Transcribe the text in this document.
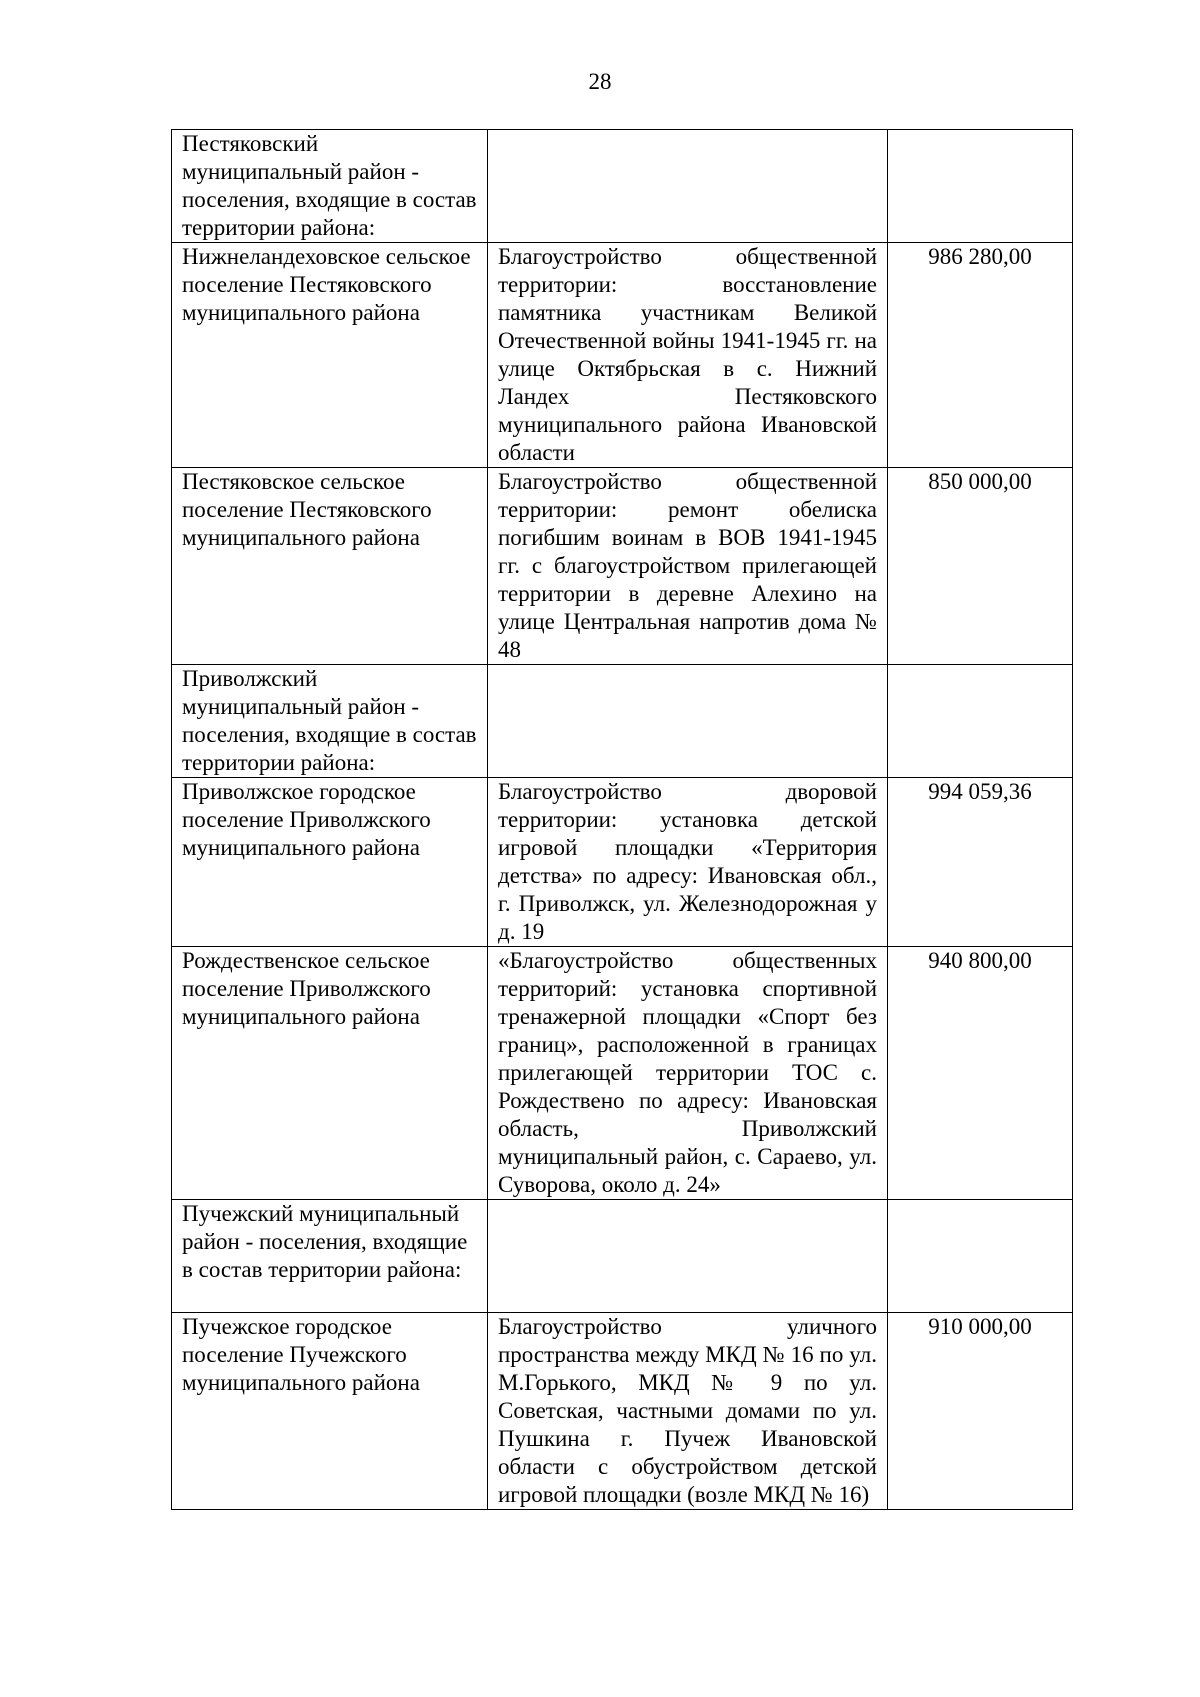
28
Пестяковский муниципальный район - поселения, входящие в состав территории района:		
Нижнеландеховское сельское поселение Пестяковского муниципального района	Благоустройство общественной территории: восстановление памятника участникам Великой Отечественной войны 1941-1945 гг. на улице Октябрьская в с. Нижний Ландех Пестяковского муниципального района Ивановской области	986 280,00
Пестяковское сельское поселение Пестяковского муниципального района	Благоустройство общественной территории: ремонт обелиска погибшим воинам в ВОВ 1941-1945 гг. с благоустройством прилегающей территории в деревне Алехино на улице Центральная напротив дома № 48	850 000,00
Приволжский муниципальный район - поселения, входящие в состав территории района:		
Приволжское городское поселение Приволжского муниципального района	Благоустройство дворовой территории: установка детской игровой площадки «Территория детства» по адресу: Ивановская обл., г. Приволжск, ул. Железнодорожная у д. 19	994 059,36
Рождественское сельское поселение Приволжского муниципального района	«Благоустройство общественных территорий: установка спортивной тренажерной площадки «Спорт без границ», расположенной в границах прилегающей территории ТОС с. Рождествено по адресу: Ивановская область, Приволжский муниципальный район, с. Сараево, ул. Суворова, около д. 24»	940 800,00
Пучежский муниципальный район - поселения, входящие в состав территории района:		
Пучежское городское поселение Пучежского муниципального района	Благоустройство уличного пространства между МКД № 16 по ул. М.Горького, МКД № 9 по ул. Советская, частными домами по ул. Пушкина г. Пучеж Ивановской области с обустройством детской игровой площадки (возле МКД № 16)	910 000,00
